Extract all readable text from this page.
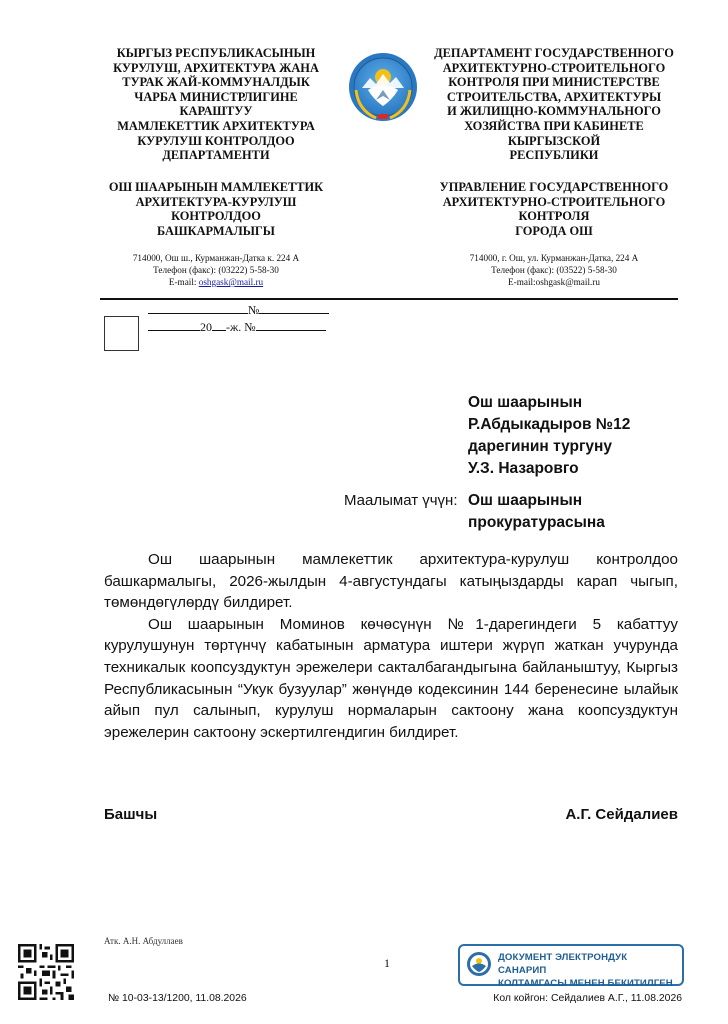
КЫРГЫЗ РЕСПУБЛИКАСЫНЫН
КУРУЛУШ, АРХИТЕКТУРА ЖАНА
ТУРАК ЖАЙ-КОММУНАЛДЫК
ЧАРБА МИНИСТРЛИГИНЕ
КАРАШТУУ
МАМЛЕКЕТТИК АРХИТЕКТУРА
КУРУЛУШ КОНТРОЛДОО
ДЕПАРТАМЕНТИ
ОШ ШААРЫНЫН МАМЛЕКЕТТИК
АРХИТЕКТУРА-КУРУЛУШ
КОНТРОЛДОО
БАШКАРМАЛЫГЫ
714000, Ош ш., Курманжан-Датка к. 224 А
Телефон (факс): (03222) 5-58-30
E-mail: oshgask@mail.ru
ДЕПАРТАМЕНТ ГОСУДАРСТВЕННОГО
АРХИТЕКТУРНО-СТРОИТЕЛЬНОГО
КОНТРОЛЯ ПРИ МИНИСТЕРСТВЕ
СТРОИТЕЛЬСТВА, АРХИТЕКТУРЫ
И ЖИЛИЩНО-КОММУНАЛЬНОГО
ХОЗЯЙСТВА ПРИ КАБИНЕТЕ
КЫРГЫЗСКОЙ
РЕСПУБЛИКИ
УПРАВЛЕНИЕ ГОСУДАРСТВЕННОГО
АРХИТЕКТУРНО-СТРОИТЕЛЬНОГО
КОНТРОЛЯ
ГОРОДА ОШ
714000, г. Ош, ул. Курманжан-Датка, 224 А
Телефон (факс): (03522) 5-58-30
E-mail:oshgask@mail.ru
№
20 -ж. №
Ош шаарынын
Р.Абдыкадыров №12
дарегинин тургуну
У.З. Назаровго
Маалымат үчүн: Ош шаарынын
прокуратурасына

Ош шаарынын мамлекеттик архитектура-курулуш контролдоо башкармалыгы, 2026-жылдын 4-августундагы катыңыздарды карап чыгып, төмөндөгүлөрдү билдирет.

Ош шаарынын Моминов көчөсүнүн №1-дарегиндеги 5 кабаттуу курулушунун төртүнчү кабатынын арматура иштери жүрүп жаткан учурунда техникалык коопсуздуктун эрежелери сакталбагандыгына байланыштуу, Кыргыз Республикасынын “Укук бузуулар” жөнүндө кодексинин 144 беренесине ылайык айып пул салынып, курулуш нормаларын сактоону жана коопсуздуктун эрежелерин сактоону эскертилгендигин билдирет.

Башчы	А.Г. Сейдалиев
Атк. А.Н. Абдуллаев
1	ДОКУМЕНТ ЭЛЕКТРОНДУК САНАРИП
КОЛТАМГАСЫ МЕНЕН БЕКИТИЛГЕН
№ 10-03-13/1200, 11.08.2026	Кол койгон: Сейдалиев А.Г., 11.08.2026
